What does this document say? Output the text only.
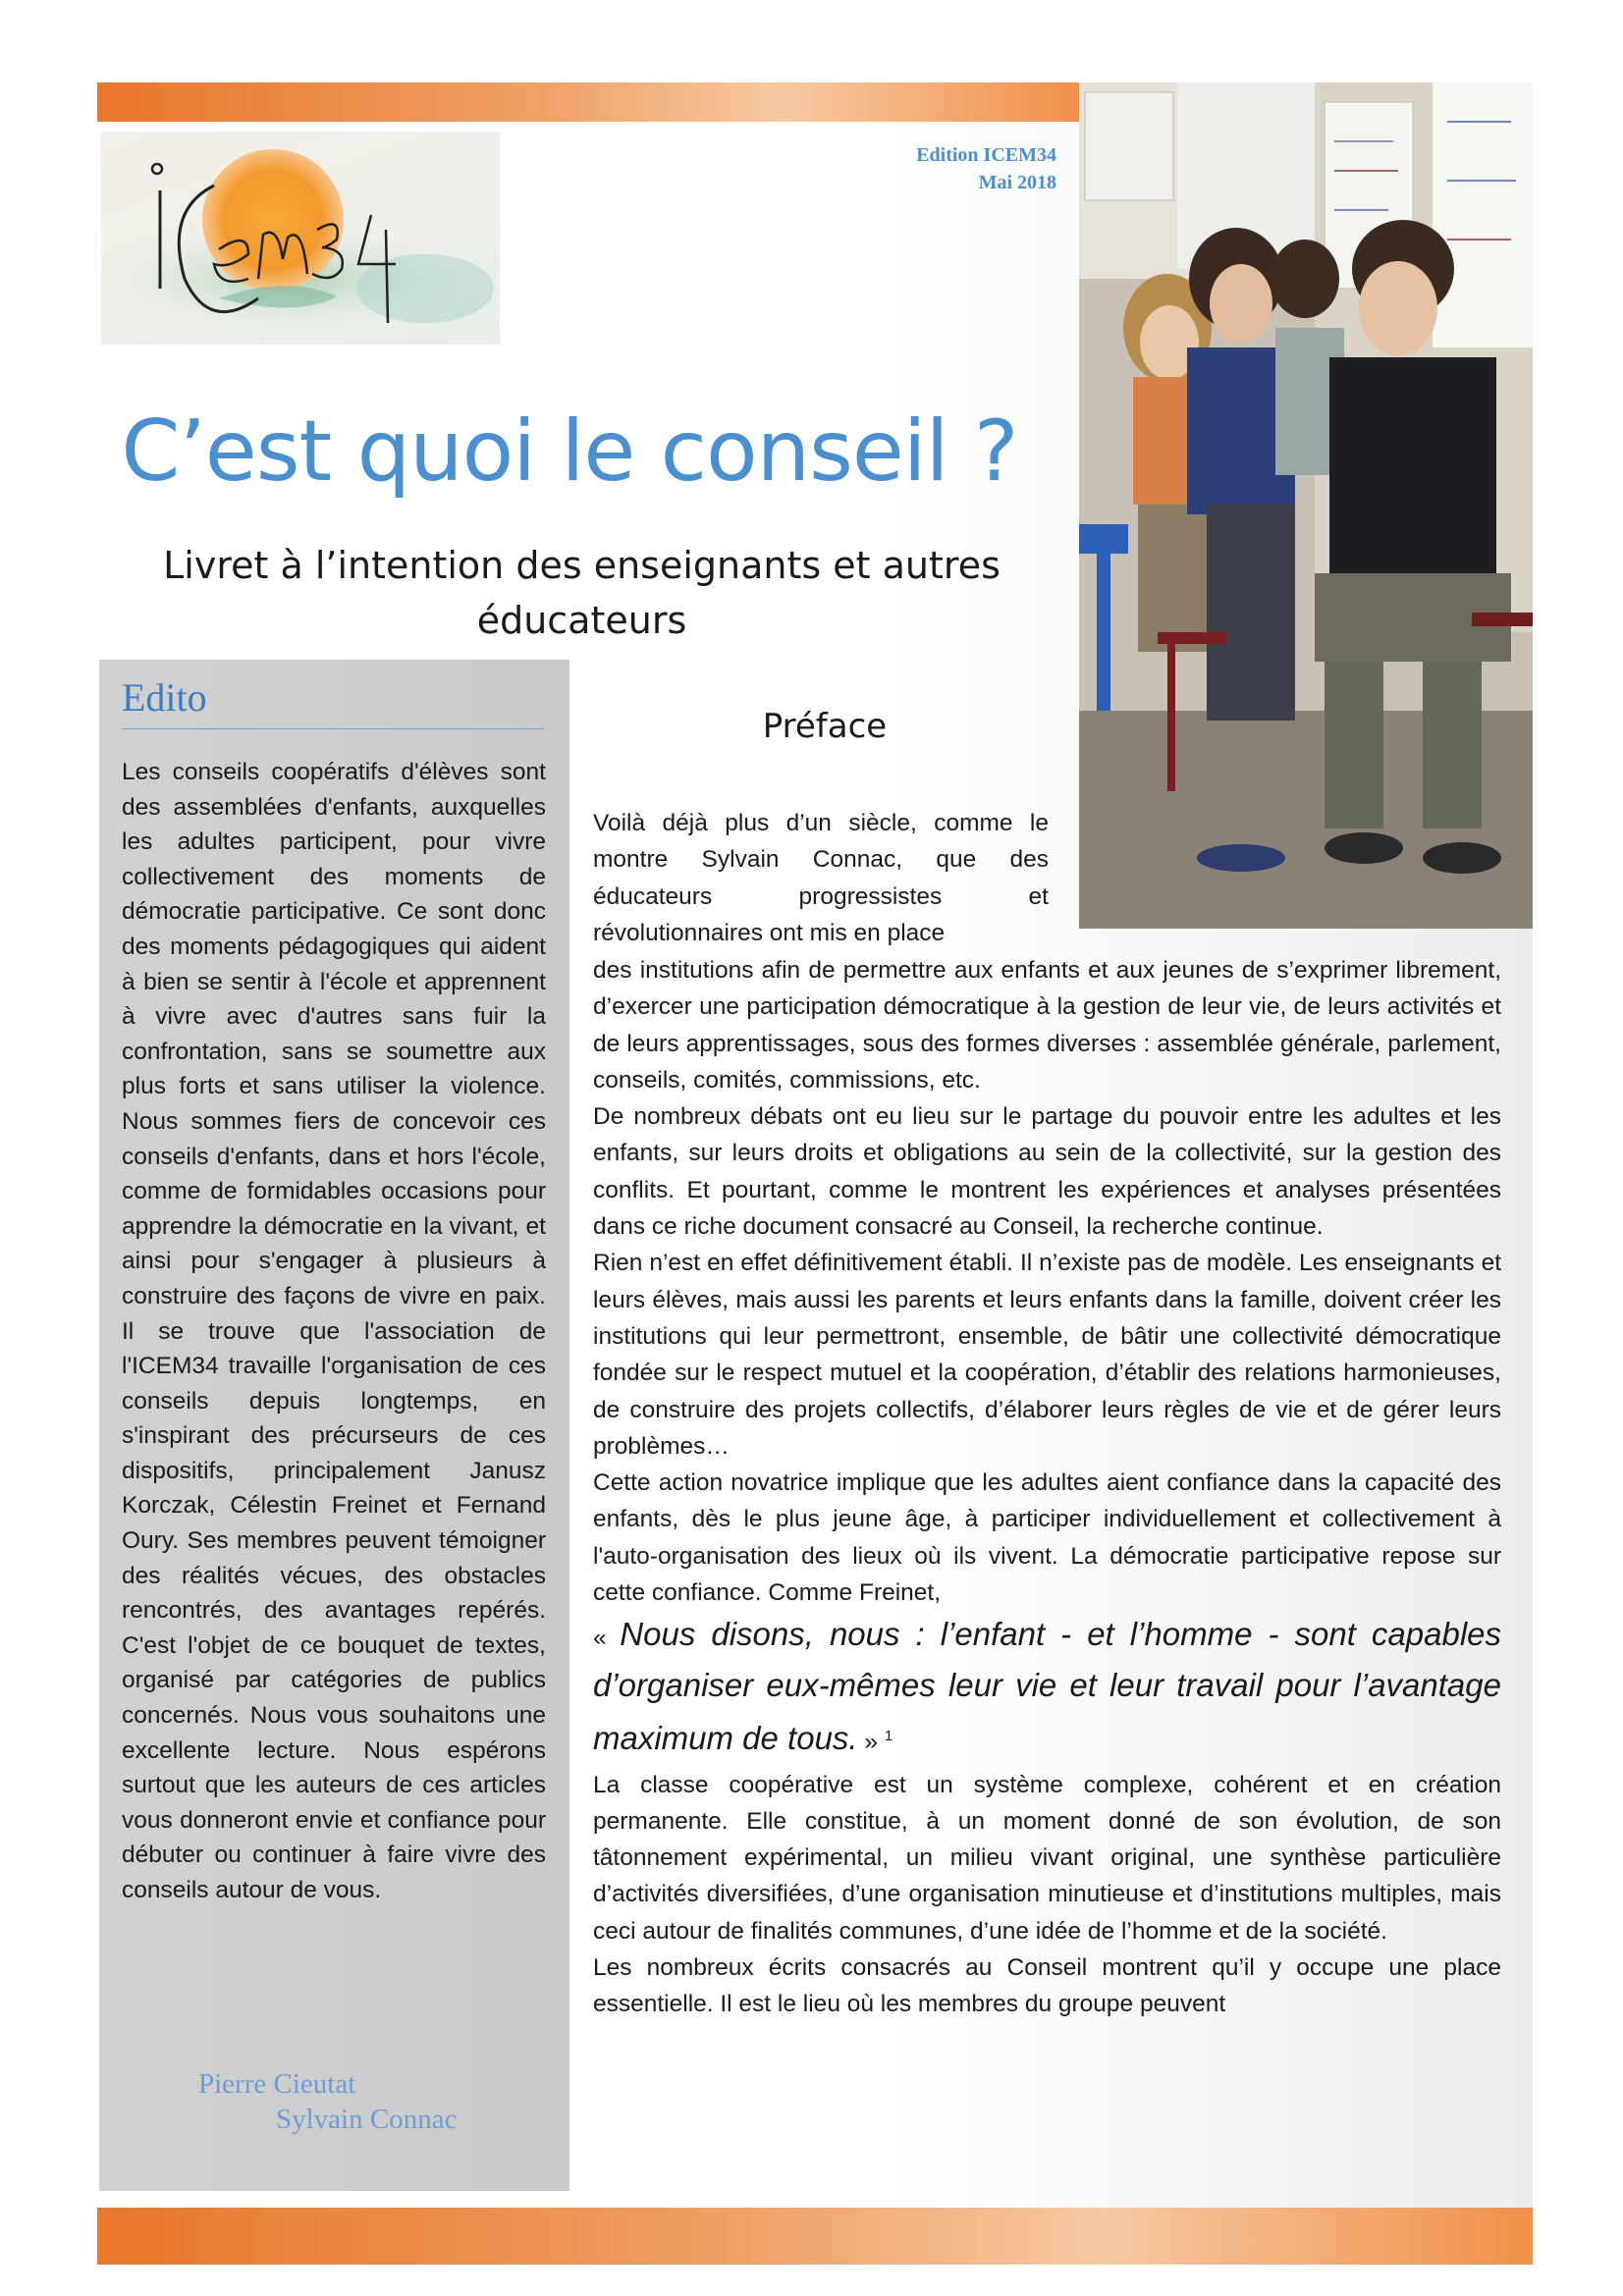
Edition ICEM34
Mai 2018
C’est quoi le conseil ?
Livret à l’intention des enseignants et autres
éducateurs
Edito

Les conseils coopératifs d'élèves sont des assemblées d'enfants, auxquelles les adultes participent, pour vivre collectivement des moments de démocratie participative. Ce sont donc des moments pédagogiques qui aident à bien se sentir à l'école et apprennent à vivre avec d'autres sans fuir la confrontation, sans se soumettre aux plus forts et sans utiliser la violence. Nous sommes fiers de concevoir ces conseils d'enfants, dans et hors l'école, comme de formidables occasions pour apprendre la démocratie en la vivant, et ainsi pour s'engager à plusieurs à construire des façons de vivre en paix. Il se trouve que l'association de l'ICEM34 travaille l'organisation de ces conseils depuis longtemps, en s'inspirant des précurseurs de ces dispositifs, principalement Janusz Korczak, Célestin Freinet et Fernand Oury. Ses membres peuvent témoigner des réalités vécues, des obstacles rencontrés, des avantages repérés. C'est l'objet de ce bouquet de textes, organisé par catégories de publics concernés. Nous vous souhaitons une excellente lecture. Nous espérons surtout que les auteurs de ces articles vous donneront envie et confiance pour débuter ou continuer à faire vivre des conseils autour de vous.

Pierre Cieutat
Sylvain Connac
Préface

Voilà déjà plus d’un siècle, comme le montre Sylvain Connac, que des éducateurs progressistes et révolutionnaires ont mis en place

des institutions afin de permettre aux enfants et aux jeunes de s’exprimer librement, d’exercer une participation démocratique à la gestion de leur vie, de leurs activités et de leurs apprentissages, sous des formes diverses : assemblée générale, parlement, conseils, comités, commissions, etc.

De nombreux débats ont eu lieu sur le partage du pouvoir entre les adultes et les enfants, sur leurs droits et obligations au sein de la collectivité, sur la gestion des conflits. Et pourtant, comme le montrent les expériences et analyses présentées dans ce riche document consacré au Conseil, la recherche continue.

Rien n’est en effet définitivement établi. Il n’existe pas de modèle. Les enseignants et leurs élèves, mais aussi les parents et leurs enfants dans la famille, doivent créer les institutions qui leur permettront, ensemble, de bâtir une collectivité démocratique fondée sur le respect mutuel et la coopération, d’établir des relations harmonieuses, de construire des projets collectifs, d’élaborer leurs règles de vie et de gérer leurs problèmes…

Cette action novatrice implique que les adultes aient confiance dans la capacité des enfants, dès le plus jeune âge, à participer individuellement et collectivement à l'auto-organisation des lieux où ils vivent. La démocratie participative repose sur cette confiance. Comme Freinet,

« Nous disons, nous : l’enfant - et l’homme - sont capables d’organiser eux-mêmes leur vie et leur travail pour l’avantage maximum de tous. » $^1$

La classe coopérative est un système complexe, cohérent et en création permanente. Elle constitue, à un moment donné de son évolution, de son tâtonnement expérimental, un milieu vivant original, une synthèse particulière d’activités diversifiées, d’une organisation minutieuse et d’institutions multiples, mais ceci autour de finalités communes, d’une idée de l’homme et de la société.

Les nombreux écrits consacrés au Conseil montrent qu’il y occupe une place essentielle. Il est le lieu où les membres du groupe peuvent
